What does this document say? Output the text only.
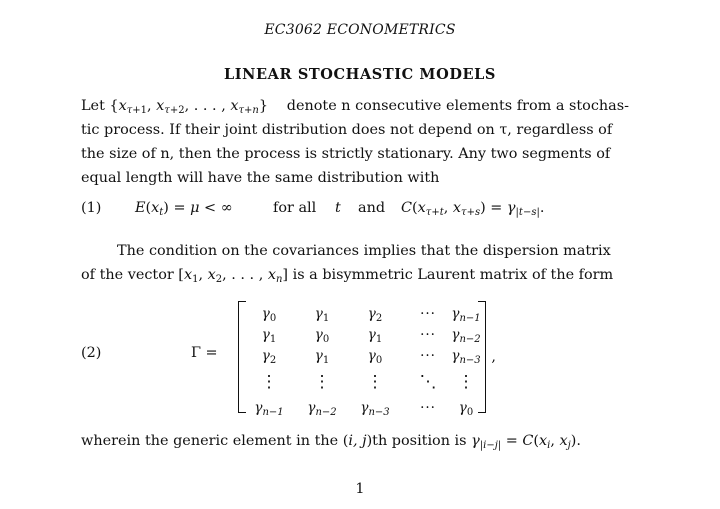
EC3062 ECONOMETRICS
LINEAR STOCHASTIC MODELS
Let {$x_{\tau+1}$, $x_{\tau+2}$, . . . , $x_{\tau+n}$} denote n consecutive elements from a stochas-
tic process. If their joint distribution does not depend on τ, regardless of
the size of n, then the process is strictly stationary. Any two segments of
equal length will have the same distribution with
(1) $E(x_t) = \mu$ < ∞	for all t and $C(x_{\tau+t}$, $x_{\tau+s}) = \gamma_{|t-s|}$.
The condition on the covariances implies that the dispersion matrix
of the vector [$x_1$, $x_2$, . . . , $x_n$] is a bisymmetric Laurent matrix of the form
(2)	Γ =
$\gamma_0$	$\gamma_1$	$\gamma_2$	···	$\gamma_{n-1}$
$\gamma_1$	$\gamma_0$	$\gamma_1$	···	$\gamma_{n-2}$
$\gamma_2$	$\gamma_1$	$\gamma_0$	···	$\gamma_{n-3}$
⋮	⋮	⋮	⋱	⋮
$\gamma_{n-1}$	$\gamma_{n-2}$	$\gamma_{n-3}$	···	$\gamma_0$
,
wherein the generic element in the (i, j)th position is $\gamma_{|i-j|} = C(x_i$, $x_j$).
1
